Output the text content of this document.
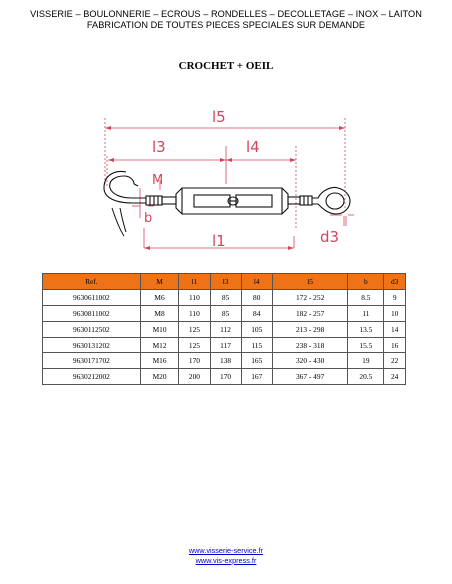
VISSERIE – BOULONNERIE – ECROUS – RONDELLES – DECOLLETAGE – INOX – LAITON
FABRICATION DE TOUTES PIECES SPECIALES SUR DEMANDE
CROCHET + OEIL
l5
l3	l4
M
b
l1	d3
Ref.	M	l1	l3	l4	l5	b	d3
9630611002	M6	110	85	80	172 - 252	8.5	9
9630811002	M8	110	85	84	182 - 257	11	10
9630112502	M10	125	112	105	213 - 298	13.5	14
9630131202	M12	125	117	115	238 - 318	15.5	16
9630171702	M16	170	138	165	320 - 430	19	22
9630212002	M20	200	170	167	367 - 497	20.5	24
www.visserie-service.fr
www.vis-express.fr
